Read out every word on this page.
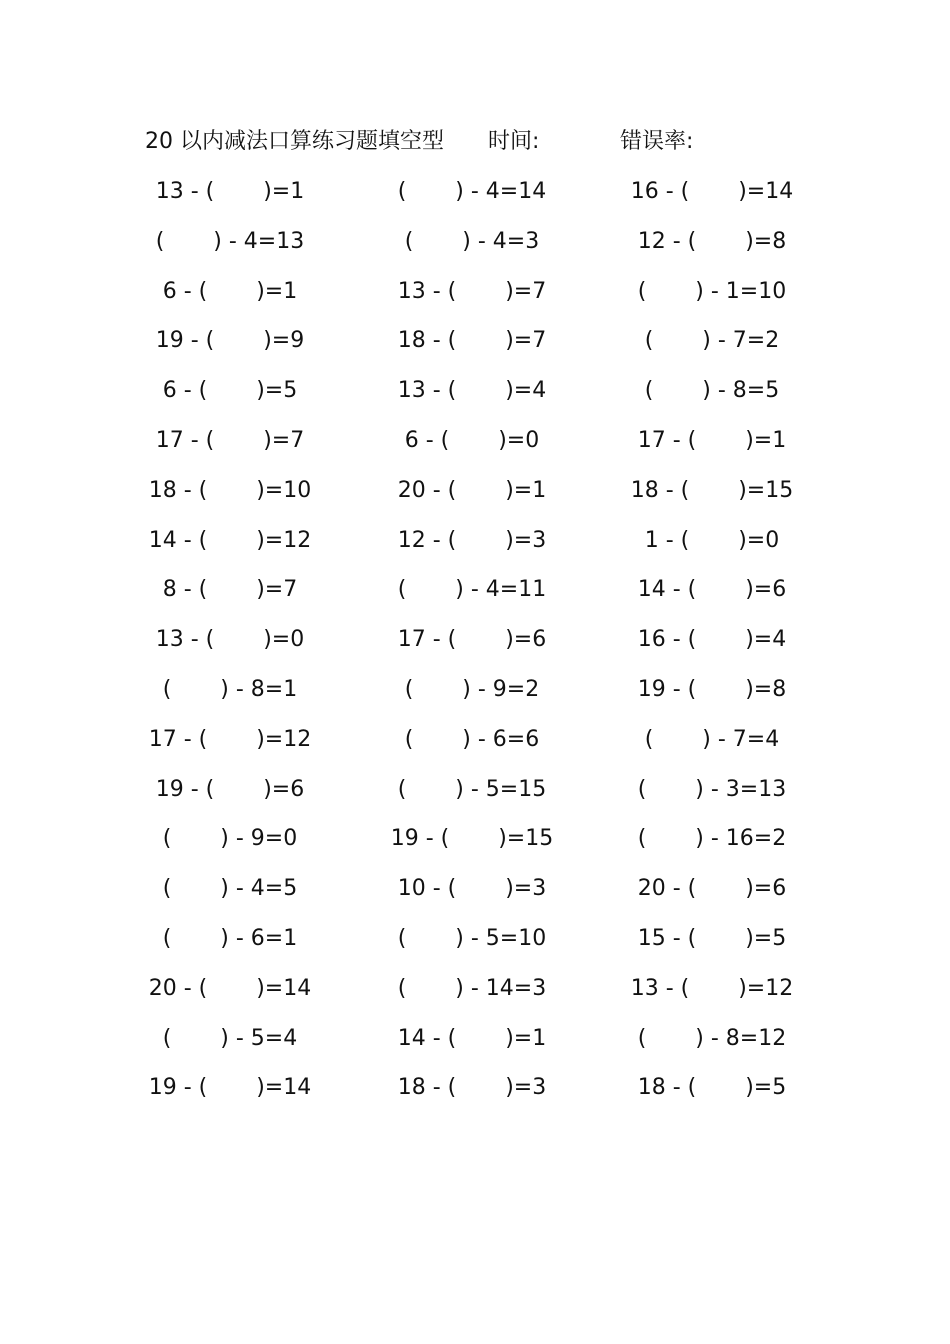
20 以内减法口算练习题填空型 时间:	错误率:
13 - (       )=1	(       ) - 4=14	16 - (       )=14
(       ) - 4=13	(       ) - 4=3	12 - (       )=8
6 - (       )=1	13 - (       )=7	(       ) - 1=10
19 - (       )=9	18 - (       )=7	(       ) - 7=2
6 - (       )=5	13 - (       )=4	(       ) - 8=5
17 - (       )=7	6 - (       )=0	17 - (       )=1
18 - (       )=10	20 - (       )=1	18 - (       )=15
14 - (       )=12	12 - (       )=3	1 - (       )=0
8 - (       )=7	(       ) - 4=11	14 - (       )=6
13 - (       )=0	17 - (       )=6	16 - (       )=4
(       ) - 8=1	(       ) - 9=2	19 - (       )=8
17 - (       )=12	(       ) - 6=6	(       ) - 7=4
19 - (       )=6	(       ) - 5=15	(       ) - 3=13
(       ) - 9=0	19 - (       )=15	(       ) - 16=2
(       ) - 4=5	10 - (       )=3	20 - (       )=6
(       ) - 6=1	(       ) - 5=10	15 - (       )=5
20 - (       )=14	(       ) - 14=3	13 - (       )=12
(       ) - 5=4	14 - (       )=1	(       ) - 8=12
19 - (       )=14	18 - (       )=3	18 - (       )=5
